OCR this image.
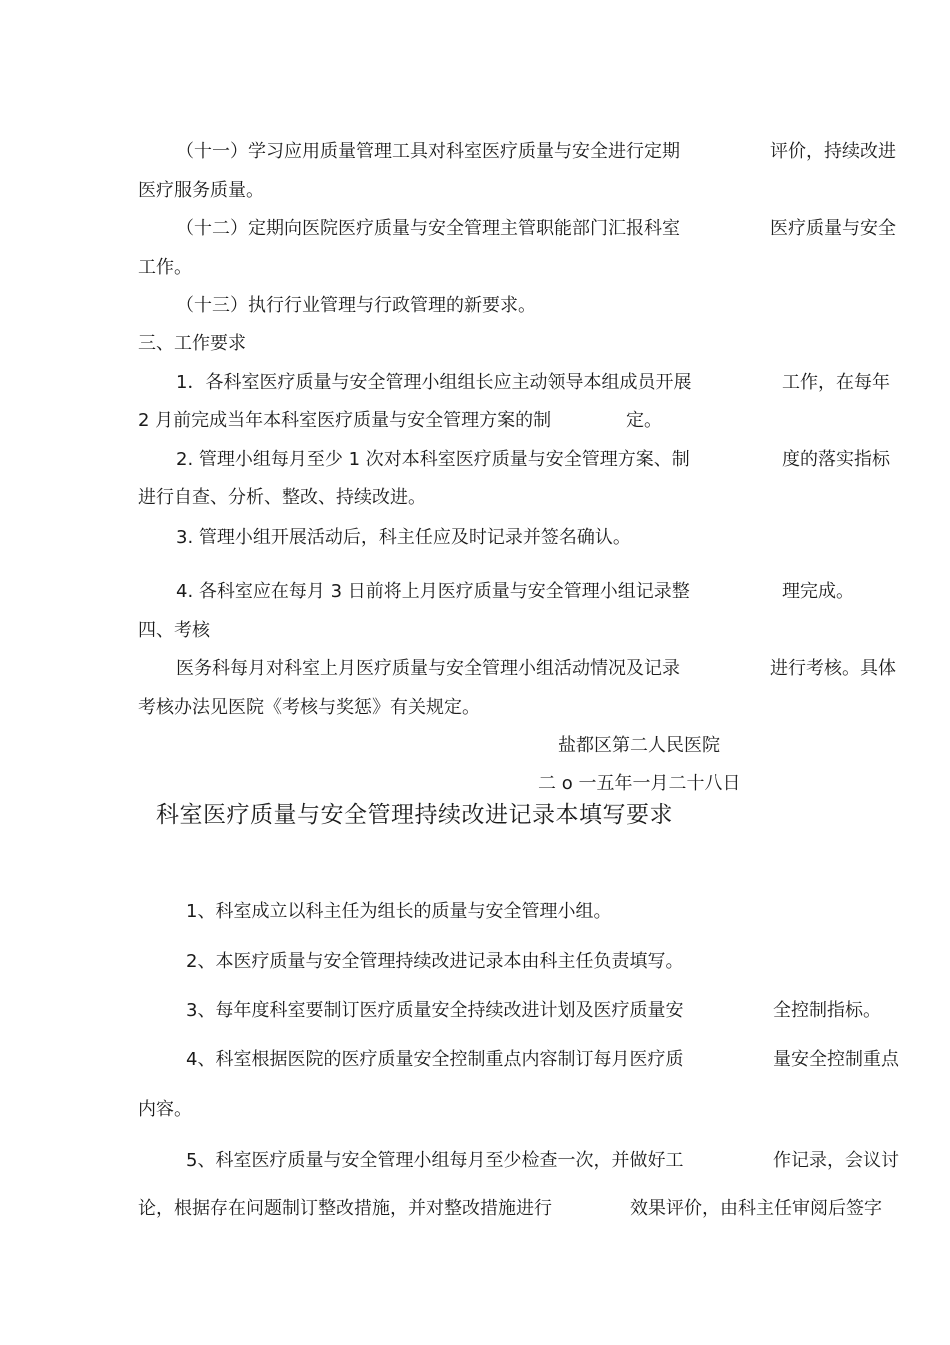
（十一）学习应用质量管理工具对科室医疗质量与安全进行定期	评价，持续改进
医疗服务质量。
（十二）定期向医院医疗质量与安全管理主管职能部门汇报科室	医疗质量与安全
工作。
（十三）执行行业管理与行政管理的新要求。
三、工作要求
1．各科室医疗质量与安全管理小组组长应主动领导本组成员开展	工作，在每年
2 月前完成当年本科室医疗质量与安全管理方案的制	定。
2. 管理小组每月至少 1 次对本科室医疗质量与安全管理方案、制	度的落实指标
进行自查、分析、整改、持续改进。
3. 管理小组开展活动后，科主任应及时记录并签名确认。
4. 各科室应在每月 3 日前将上月医疗质量与安全管理小组记录整	理完成。
四、考核
医务科每月对科室上月医疗质量与安全管理小组活动情况及记录	进行考核。具体
考核办法见医院《考核与奖惩》有关规定。
盐都区第二人民医院
二 o 一五年一月二十八日
科室医疗质量与安全管理持续改进记录本填写要求
1、科室成立以科主任为组长的质量与安全管理小组。
2、本医疗质量与安全管理持续改进记录本由科主任负责填写。
3、每年度科室要制订医疗质量安全持续改进计划及医疗质量安	全控制指标。
4、科室根据医院的医疗质量安全控制重点内容制订每月医疗质	量安全控制重点
内容。
5、科室医疗质量与安全管理小组每月至少检查一次，并做好工	作记录，会议讨
论，根据存在问题制订整改措施，并对整改措施进行	效果评价，由科主任审阅后签字
